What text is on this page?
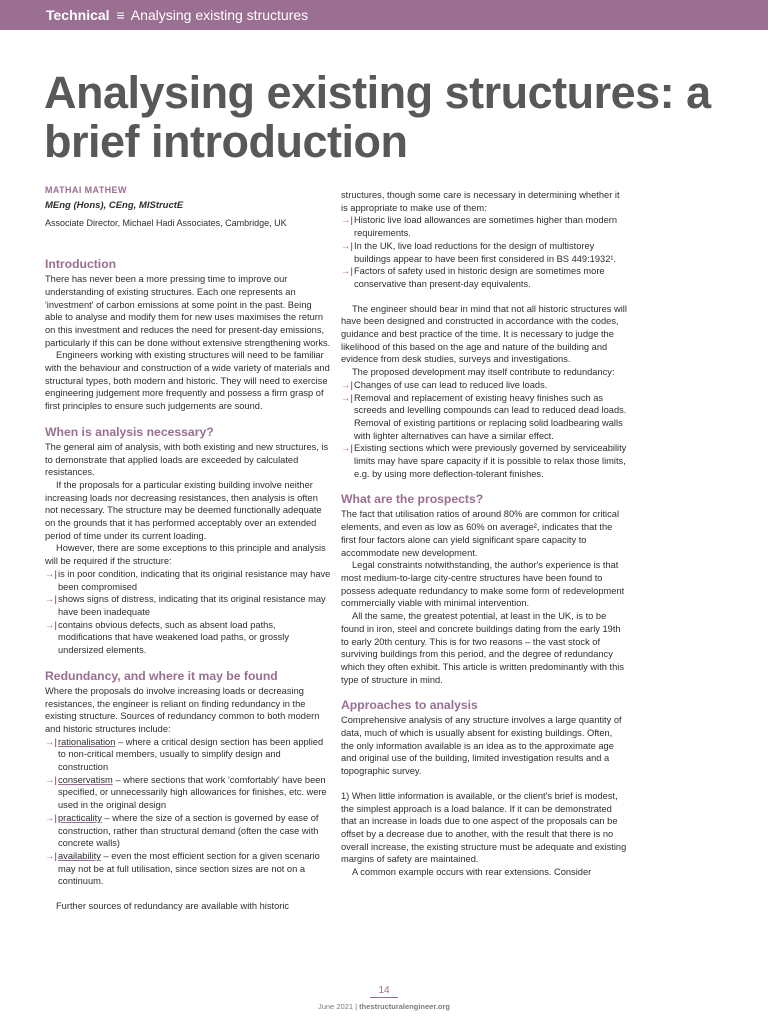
Technical ≡ Analysing existing structures
Analysing existing structures: a brief introduction
MATHAI MATHEW
MEng (Hons), CEng, MIStructE
Associate Director, Michael Hadi Associates, Cambridge, UK
Introduction

There has never been a more pressing time to improve our understanding of existing structures. Each one represents an 'investment' of carbon emissions at some point in the past. Being able to analyse and modify them for new uses maximises the return on this investment and reduces the need for present-day emissions, particularly if this can be done without extensive strengthening works.

Engineers working with existing structures will need to be familiar with the behaviour and construction of a wide variety of materials and structural types, both modern and historic. They will need to exercise engineering judgement more frequently and possess a firm grasp of first principles to ensure such judgements are sound.

When is analysis necessary?

The general aim of analysis, with both existing and new structures, is to demonstrate that applied loads are exceeded by calculated resistances.

If the proposals for a particular existing building involve neither increasing loads nor decreasing resistances, then analysis is often not necessary. The structure may be deemed functionally adequate on the grounds that it has performed acceptably over an extended period of time under its current loading.

However, there are some exceptions to this principle and analysis will be required if the structure:

→| is in poor condition, indicating that its original resistance may have been compromised
→| shows signs of distress, indicating that its original resistance may have been inadequate
→| contains obvious defects, such as absent load paths, modifications that have weakened load paths, or grossly undersized elements.
Redundancy, and where it may be found

Where the proposals do involve increasing loads or decreasing resistances, the engineer is reliant on finding redundancy in the existing structure. Sources of redundancy common to both modern and historic structures include:

→| rationalisation – where a critical design section has been applied to non-critical members, usually to simplify design and construction
→| conservatism – where sections that work 'comfortably' have been specified, or unnecessarily high allowances for finishes, etc. were used in the original design
→| practicality – where the size of a section is governed by ease of construction, rather than structural demand (often the case with concrete walls)
→| availability – even the most efficient section for a given scenario may not be at full utilisation, since section sizes are not on a continuum.

Further sources of redundancy are available with historic

structures, though some care is necessary in determining whether it is appropriate to make use of them:

→| Historic live load allowances are sometimes higher than modern requirements.
→| In the UK, live load reductions for the design of multistorey buildings appear to have been first considered in BS 449:1932¹.
→| Factors of safety used in historic design are sometimes more conservative than present-day equivalents.

The engineer should bear in mind that not all historic structures will have been designed and constructed in accordance with the codes, guidance and best practice of the time. It is necessary to judge the likelihood of this based on the age and nature of the building and evidence from desk studies, surveys and investigations.

The proposed development may itself contribute to redundancy:

→| Changes of use can lead to reduced live loads.
→| Removal and replacement of existing heavy finishes such as screeds and levelling compounds can lead to reduced dead loads. Removal of existing partitions or replacing solid loadbearing walls with lighter alternatives can have a similar effect.
→| Existing sections which were previously governed by serviceability limits may have spare capacity if it is possible to relax those limits, e.g. by using more deflection-tolerant finishes.
What are the prospects?

The fact that utilisation ratios of around 80% are common for critical elements, and even as low as 60% on average², indicates that the first four factors alone can yield significant spare capacity to accommodate new development.

Legal constraints notwithstanding, the author's experience is that most medium-to-large city-centre structures have been found to possess adequate redundancy to make some form of redevelopment commercially viable with minimal intervention.

All the same, the greatest potential, at least in the UK, is to be found in iron, steel and concrete buildings dating from the early 19th to early 20th century. This is for two reasons – the vast stock of surviving buildings from this period, and the degree of redundancy which they often exhibit. This article is written predominantly with this type of structure in mind.

Approaches to analysis

Comprehensive analysis of any structure involves a large quantity of data, much of which is usually absent for existing buildings. Often, the only information available is an idea as to the approximate age and original use of the building, limited investigation results and a topographic survey.

1) When little information is available, or the client's brief is modest, the simplest approach is a load balance. If it can be demonstrated that an increase in loads due to one aspect of the proposals can be offset by a decrease due to another, with the result that there is no overall increase, the existing structure must be adequate and existing margins of safety are maintained.

A common example occurs with rear extensions. Consider

14
June 2021 | thestructuralengineer.org
